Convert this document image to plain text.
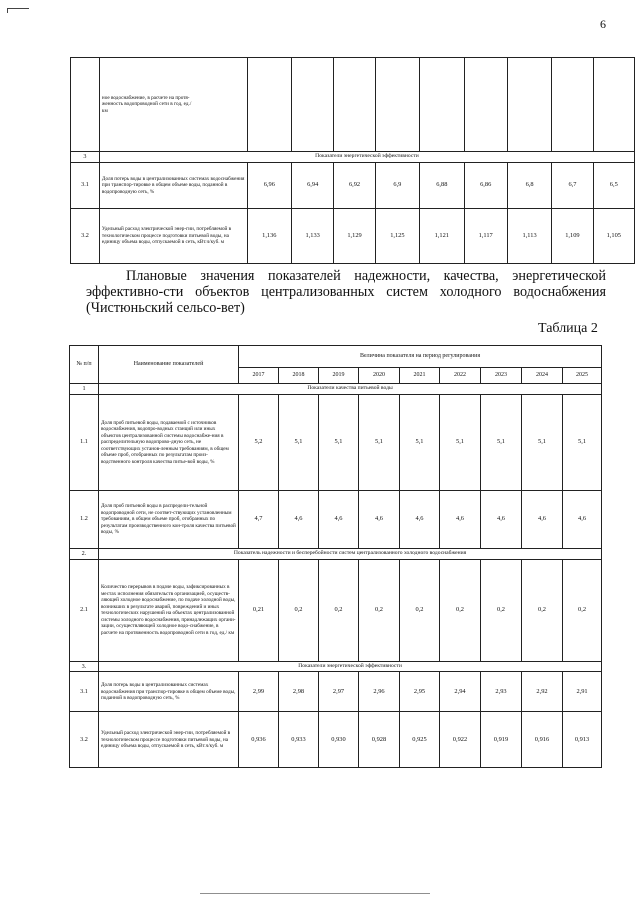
6
	ное водоснабжение, в расчете на протя-
женность водопроводной сети в год, ед./
км									
3	Показатели энергетической эффективности									
3.1	Доля потерь воды в централизованных системах водоснабжения при транспор-тировке в общем объеме воды, поданной в водопроводную сеть, %	6,96	6,94	6,92	6,9	6,88	6,86	6,8	6,7	6,5
3.2	Удельный расход электрической энер-гии, потребляемой в технологическом процессе подготовки питьевой воды, на единицу объема воды, отпускаемой в сеть, кВт.ч/куб. м	1,136	1,133	1,129	1,125	1,121	1,117	1,113	1,109	1,105
Плановые значения показателей надежности, качества, энергетической эффективно-сти объектов централизованных систем холодного водоснабжения (Чистюньский сельсо-вет)
Таблица 2
№ п/п	Наименование показателей	Величина показателя на период регулирования								
		2017	2018	2019	2020	2021	2022	2023	2024	2025
1	Показатели качества питьевой воды									
1.1	Доля проб питьевой воды, подаваемой с источников водоснабжения, водопро-водных станций или иных объектов централизованной системы водоснабже-ния в распределительную водопрово-дную сеть, не соответствующих установ-ленным требованиям, в общем объеме проб, отобранных по результатам произ-водственного контроля качества питье-вой воды, %	5,2	5,1	5,1	5,1	5,1	5,1	5,1	5,1	5,1
1.2	Доля проб питьевой воды в распредели-тельной водопроводной сети, не соответ-ствующих установленным требованиям, в общем объеме проб, отобранных по результатам производственного кон-троля качества питьевой воды, %	4,7	4,6	4,6	4,6	4,6	4,6	4,6	4,6	4,6
2.	Показатель надежности и бесперебойности систем централизованного холодного водоснабжения									
2.1	Количество перерывов в подаче воды, зафиксированных в местах исполнения обязательств организацией, осуществ-ляющей холодное водоснабжение, по подаче холодной воды, возникших в результате аварий, повреждений и иных технологических нарушений на объектах централизованной системы холодного водоснабжения, принадлежащих органи-зации, осуществляющей холодное водо-снабжение, в расчете на протяженность водопроводной сети в год, ед./ км	0,21	0,2	0,2	0,2	0,2	0,2	0,2	0,2	0,2
3.	Показатели энергетической эффективности									
3.1	Доля потерь воды в централизованных системах водоснабжения при транспор-тировке в общем объеме воды, поданной в водопроводную сеть, %	2,99	2,98	2,97	2,96	2,95	2,94	2,93	2,92	2,91
3.2	Удельный расход электрической энер-гии, потребляемой в технологическом процессе подготовки питьевой воды, на единицу объема воды, отпускаемой в сеть, кВт.ч/куб. м	0,936	0,933	0,930	0,928	0,925	0,922	0,919	0,916	0,913
